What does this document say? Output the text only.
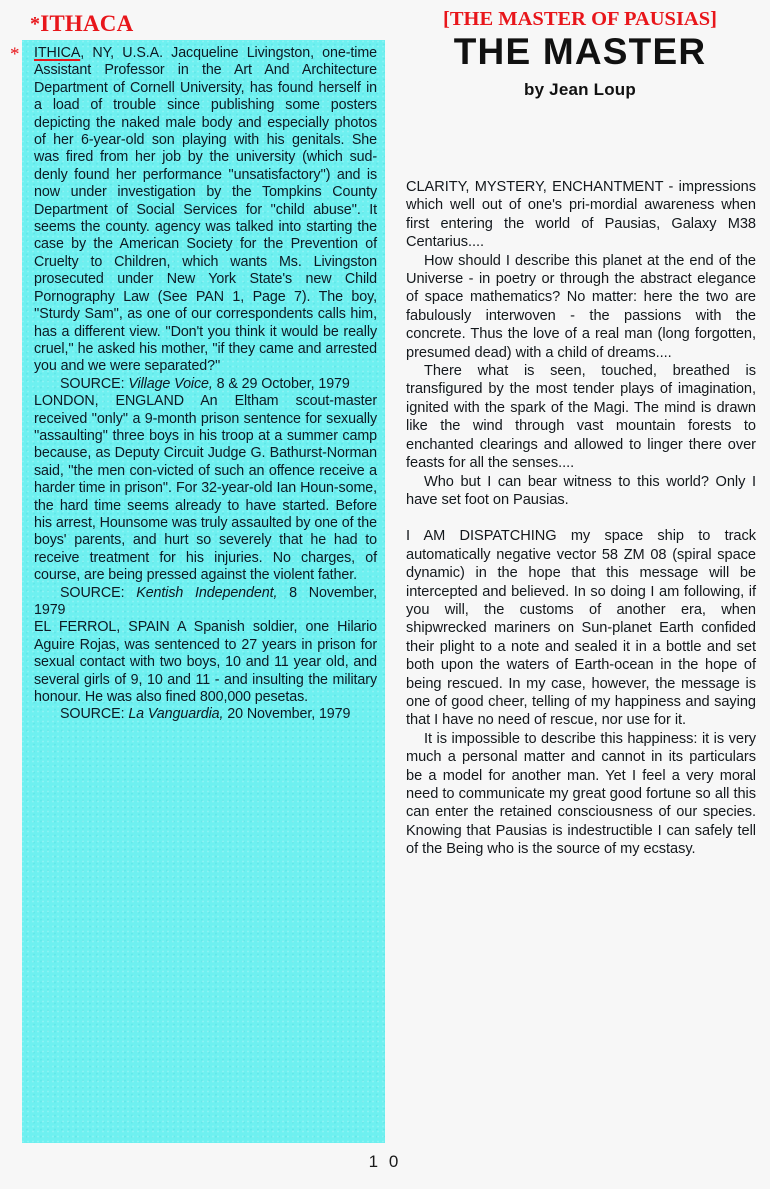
*ITHACA
* ITHICA, NY, U.S.A. Jacqueline Livingston, one-time Assistant Professor in the Art And Architecture Department of Cornell University, has found herself in a load of trouble since publishing some posters depicting the naked male body and especially photos of her 6-year-old son playing with his genitals. She was fired from her job by the university (which sud-denly found her performance ''unsatisfactory'') and is now under investigation by the Tompkins County Department of Social Services for ''child abuse''. It seems the county. agency was talked into starting the case by the American Society for the Prevention of Cruelty to Children, which wants Ms. Livingston prosecuted under New York State's new Child Pornography Law (See PAN 1, Page 7). The boy, ''Sturdy Sam'', as one of our correspondents calls him, has a different view. ''Don't you think it would be really cruel,'' he asked his mother, ''if they came and arrested you and we were separated?''

SOURCE: Village Voice, 8 & 29 October, 1979

LONDON, ENGLAND An Eltham scout-master received ''only'' a 9-month prison sentence for sexually ''assaulting'' three boys in his troop at a summer camp because, as Deputy Circuit Judge G. Bathurst-Norman said, ''the men con-victed of such an offence receive a harder time in prison''. For 32-year-old Ian Houn-some, the hard time seems already to have started. Before his arrest, Hounsome was truly assaulted by one of the boys' parents, and hurt so severely that he had to receive treatment for his injuries. No charges, of course, are being pressed against the violent father.

SOURCE: Kentish Independent, 8 November, 1979

EL FERROL, SPAIN A Spanish soldier, one Hilario Aguire Rojas, was sentenced to 27 years in prison for sexual contact with two boys, 10 and 11 year old, and several girls of 9, 10 and 11 - and insulting the military honour. He was also fined 800,000 pesetas.

SOURCE: La Vanguardia, 20 November, 1979

[THE MASTER OF PAUSIAS]
THE MASTER
by Jean Loup

CLARITY, MYSTERY, ENCHANTMENT - impressions which well out of one's pri-mordial awareness when first entering the world of Pausias, Galaxy M38 Centarius....

How should I describe this planet at the end of the Universe - in poetry or through the abstract elegance of space mathematics? No matter: here the two are fabulously interwoven - the passions with the concrete. Thus the love of a real man (long forgotten, presumed dead) with a child of dreams....

There what is seen, touched, breathed is transfigured by the most tender plays of imagination, ignited with the spark of the Magi. The mind is drawn like the wind through vast mountain forests to enchanted clearings and allowed to linger there over feasts for all the senses....

Who but I can bear witness to this world? Only I have set foot on Pausias.

I AM DISPATCHING my space ship to track automatically negative vector 58 ZM 08 (spiral space dynamic) in the hope that this message will be intercepted and believed. In so doing I am following, if you will, the customs of another era, when shipwrecked mariners on Sun-planet Earth confided their plight to a note and sealed it in a bottle and set both upon the waters of Earth-ocean in the hope of being rescued. In my case, however, the message is one of good cheer, telling of my happiness and saying that I have no need of rescue, nor use for it.

It is impossible to describe this happiness: it is very much a personal matter and cannot in its particulars be a model for another man. Yet I feel a very moral need to communicate my great good fortune so all this can enter the retained consciousness of our species. Knowing that Pausias is indestructible I can safely tell of the Being who is the source of my ecstasy.

1 0
